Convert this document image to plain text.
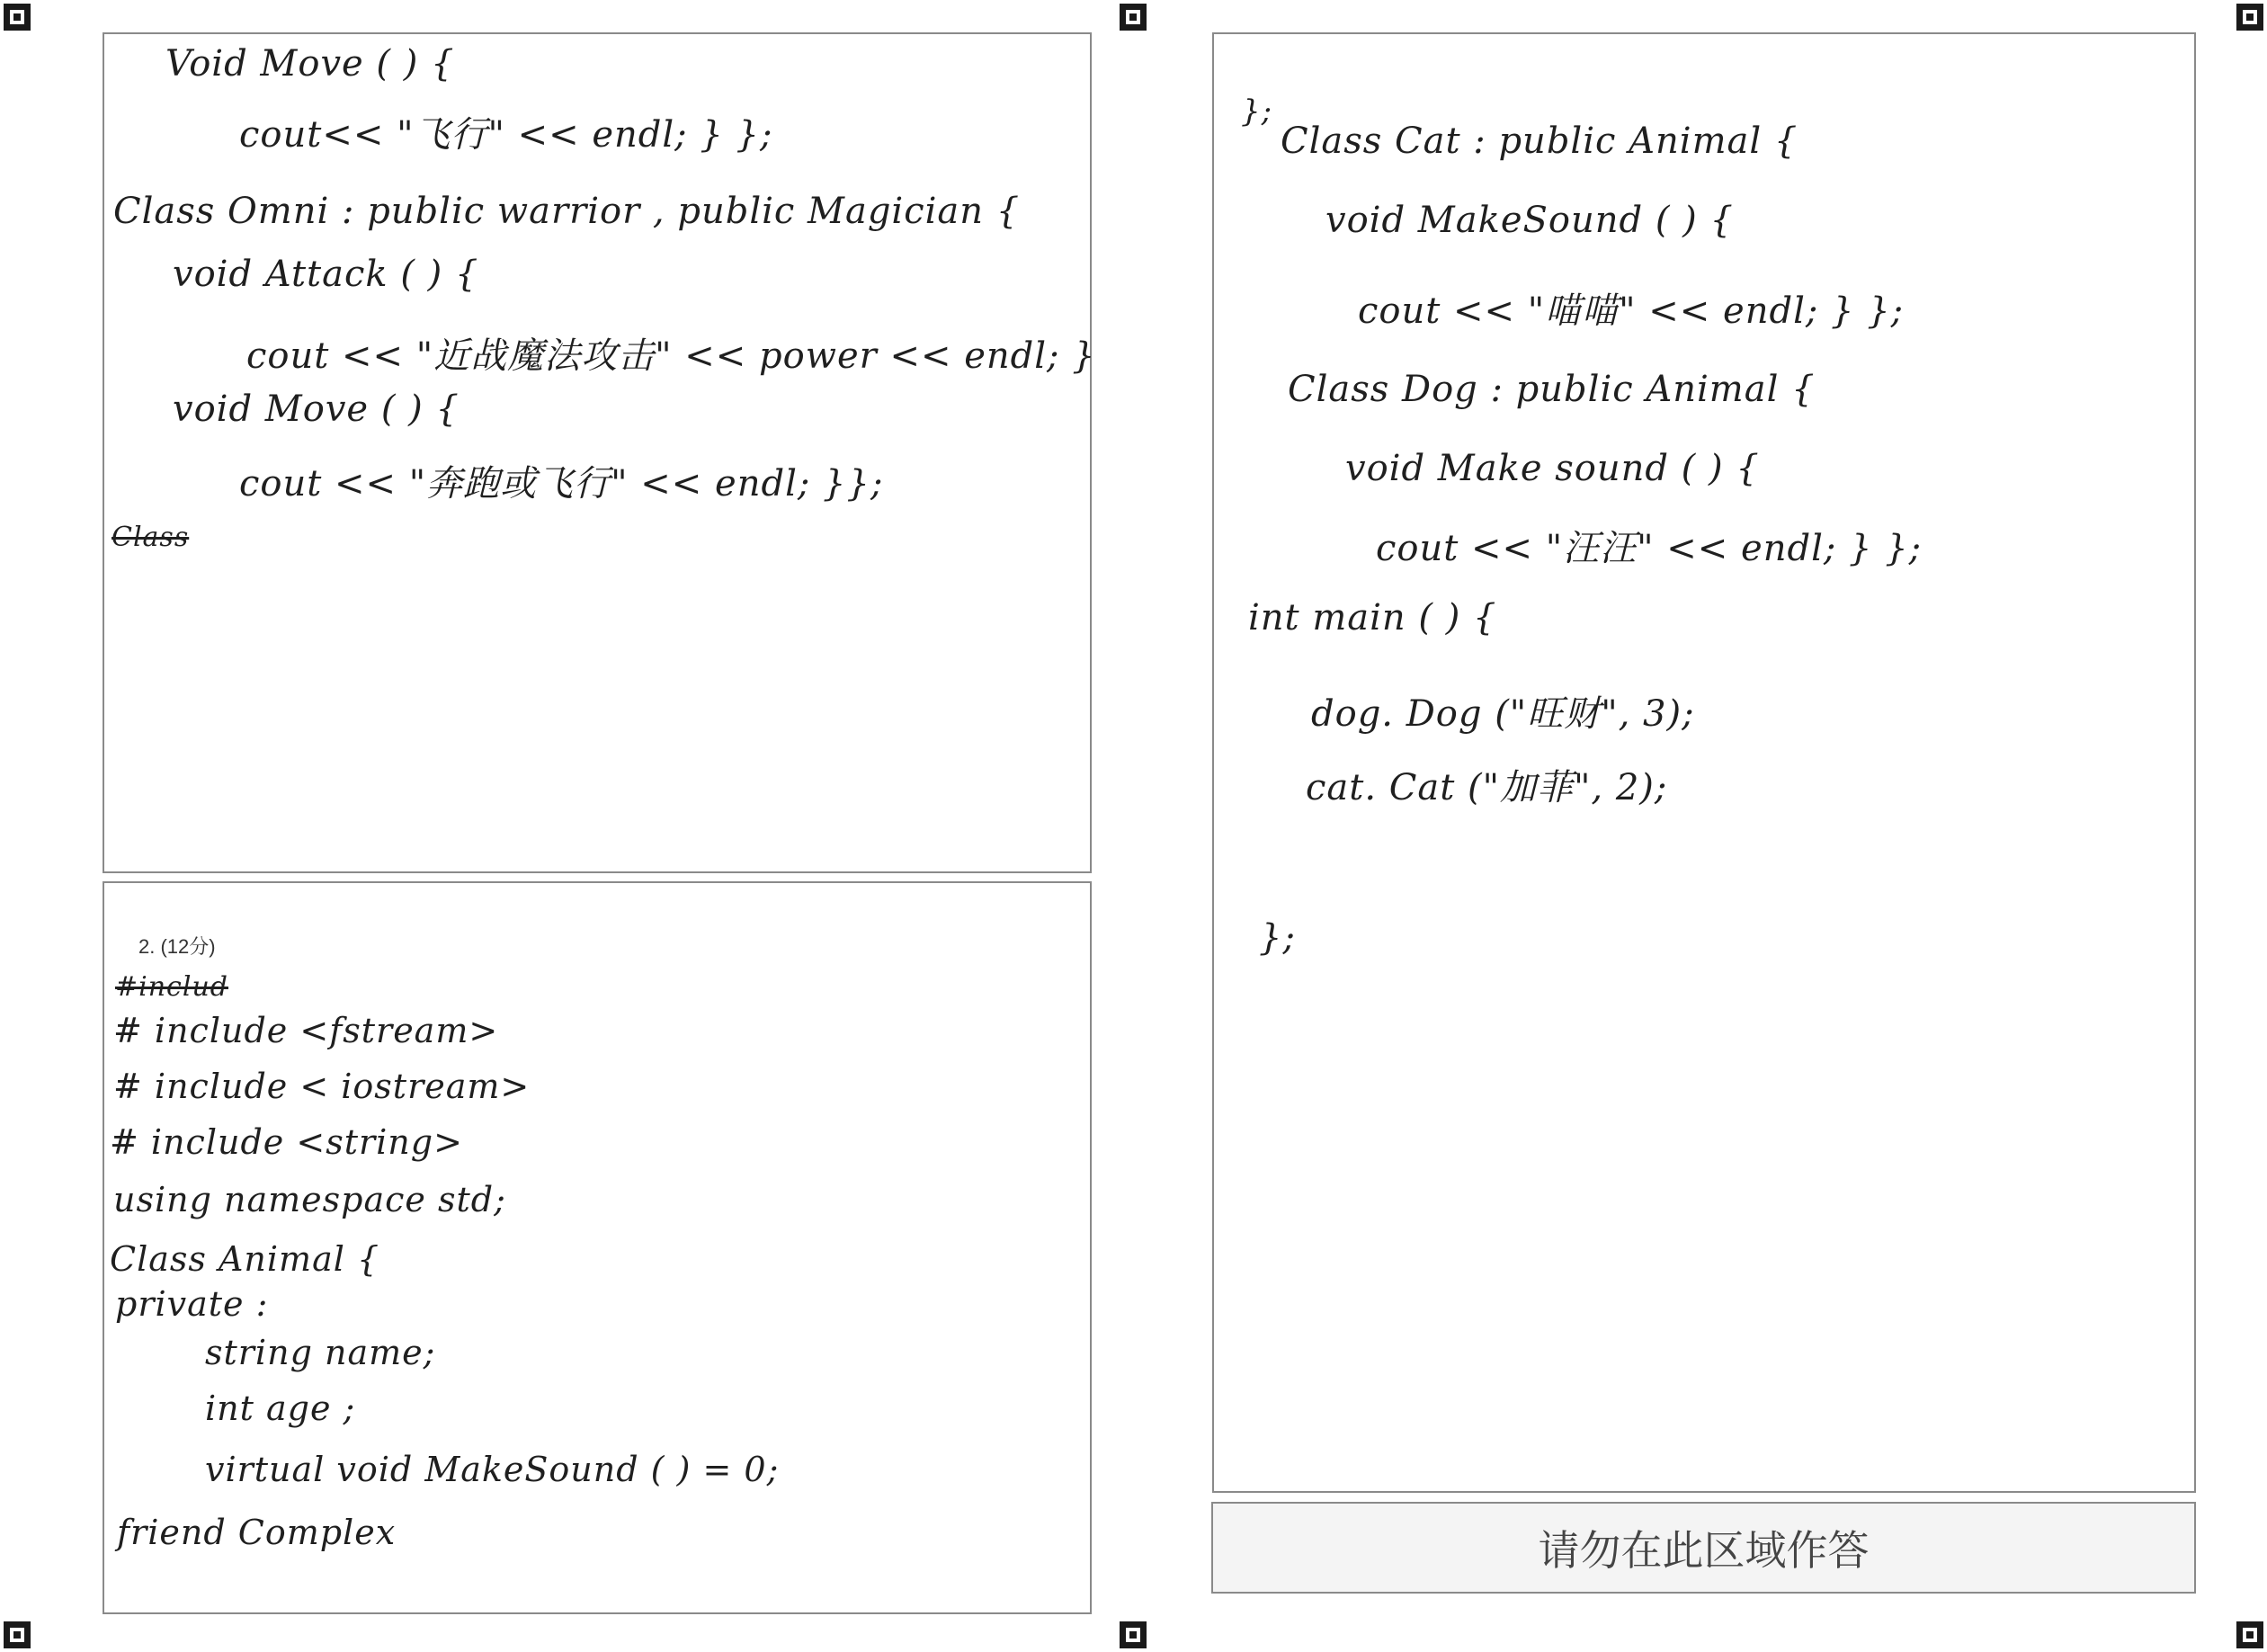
Void Move ( ) {
cout<< "飞行" << endl; } };
Class Omni : public warrior , public Magician {
void Attack ( ) {
cout << "近战魔法攻击" << power << endl; }
void Move ( ) {
cout << "奔跑或飞行" << endl; }};
Class
2. (12分)
#includ
# include <fstream>
# include < iostream>
# include <string>
using namespace std;
Class Animal {
private :
string name;
int age ;
virtual void MakeSound ( ) = 0;
friend Complex
};
Class Cat : public Animal {
void MakeSound ( ) {
cout << "喵喵" << endl; } };
Class Dog : public Animal {
void Make sound ( ) {
cout << "汪汪" << endl; } };
int main ( ) {
dog. Dog ("旺财", 3);
cat. Cat ("加菲", 2);
};
请勿在此区域作答
